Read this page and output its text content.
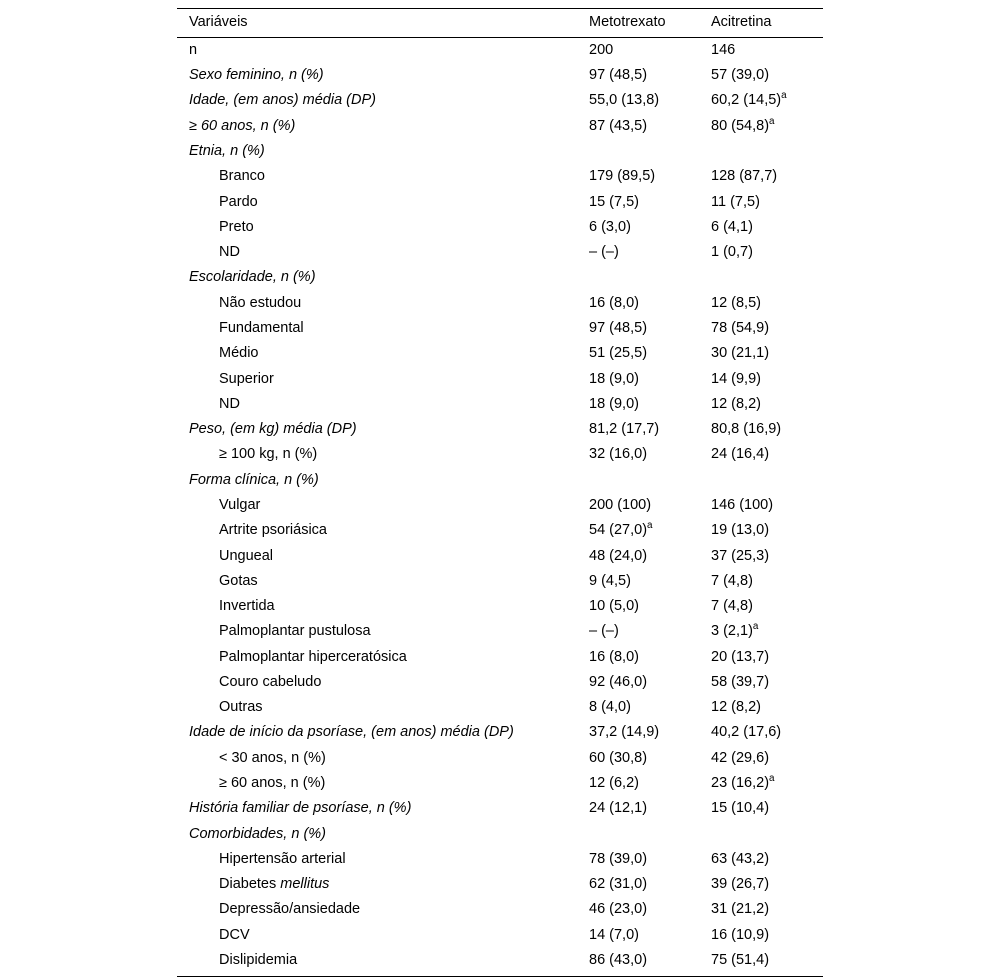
Variáveis	Metotrexato	Acitretina
n	200	146
Sexo feminino, n (%)	97 (48,5)	57 (39,0)
Idade, (em anos) média (DP)	55,0 (13,8)	60,2 $(14,5)^a$
≥ 60 anos, n (%)	87 (43,5)	80 $(54,8)^a$
Etnia, n (%)		
Branco	179 (89,5)	128 (87,7)
Pardo	15 (7,5)	11 (7,5)
Preto	6 (3,0)	6 (4,1)
ND	– (–)	1 (0,7)
Escolaridade, n (%)		
Não estudou	16 (8,0)	12 (8,5)
Fundamental	97 (48,5)	78 (54,9)
Médio	51 (25,5)	30 (21,1)
Superior	18 (9,0)	14 (9,9)
ND	18 (9,0)	12 (8,2)
Peso, (em kg) média (DP)	81,2 (17,7)	80,8 (16,9)
≥ 100 kg, n (%)	32 (16,0)	24 (16,4)
Forma clínica, n (%)		
Vulgar	200 (100)	146 (100)
Artrite psoriásica	54 $(27,0)^a$	19 (13,0)
Ungueal	48 (24,0)	37 (25,3)
Gotas	9 (4,5)	7 (4,8)
Invertida	10 (5,0)	7 (4,8)
Palmoplantar pustulosa	– (–)	3 $(2,1)^a$
Palmoplantar hiperceratósica	16 (8,0)	20 (13,7)
Couro cabeludo	92 (46,0)	58 (39,7)
Outras	8 (4,0)	12 (8,2)
Idade de início da psoríase, (em anos) média (DP)	37,2 (14,9)	40,2 (17,6)
< 30 anos, n (%)	60 (30,8)	42 (29,6)
≥ 60 anos, n (%)	12 (6,2)	23 $(16,2)^a$
História familiar de psoríase, n (%)	24 (12,1)	15 (10,4)
Comorbidades, n (%)		
Hipertensão arterial	78 (39,0)	63 (43,2)
Diabetes mellitus	62 (31,0)	39 (26,7)
Depressão/ansiedade	46 (23,0)	31 (21,2)
DCV	14 (7,0)	16 (10,9)
Dislipidemia	86 (43,0)	75 (51,4)
